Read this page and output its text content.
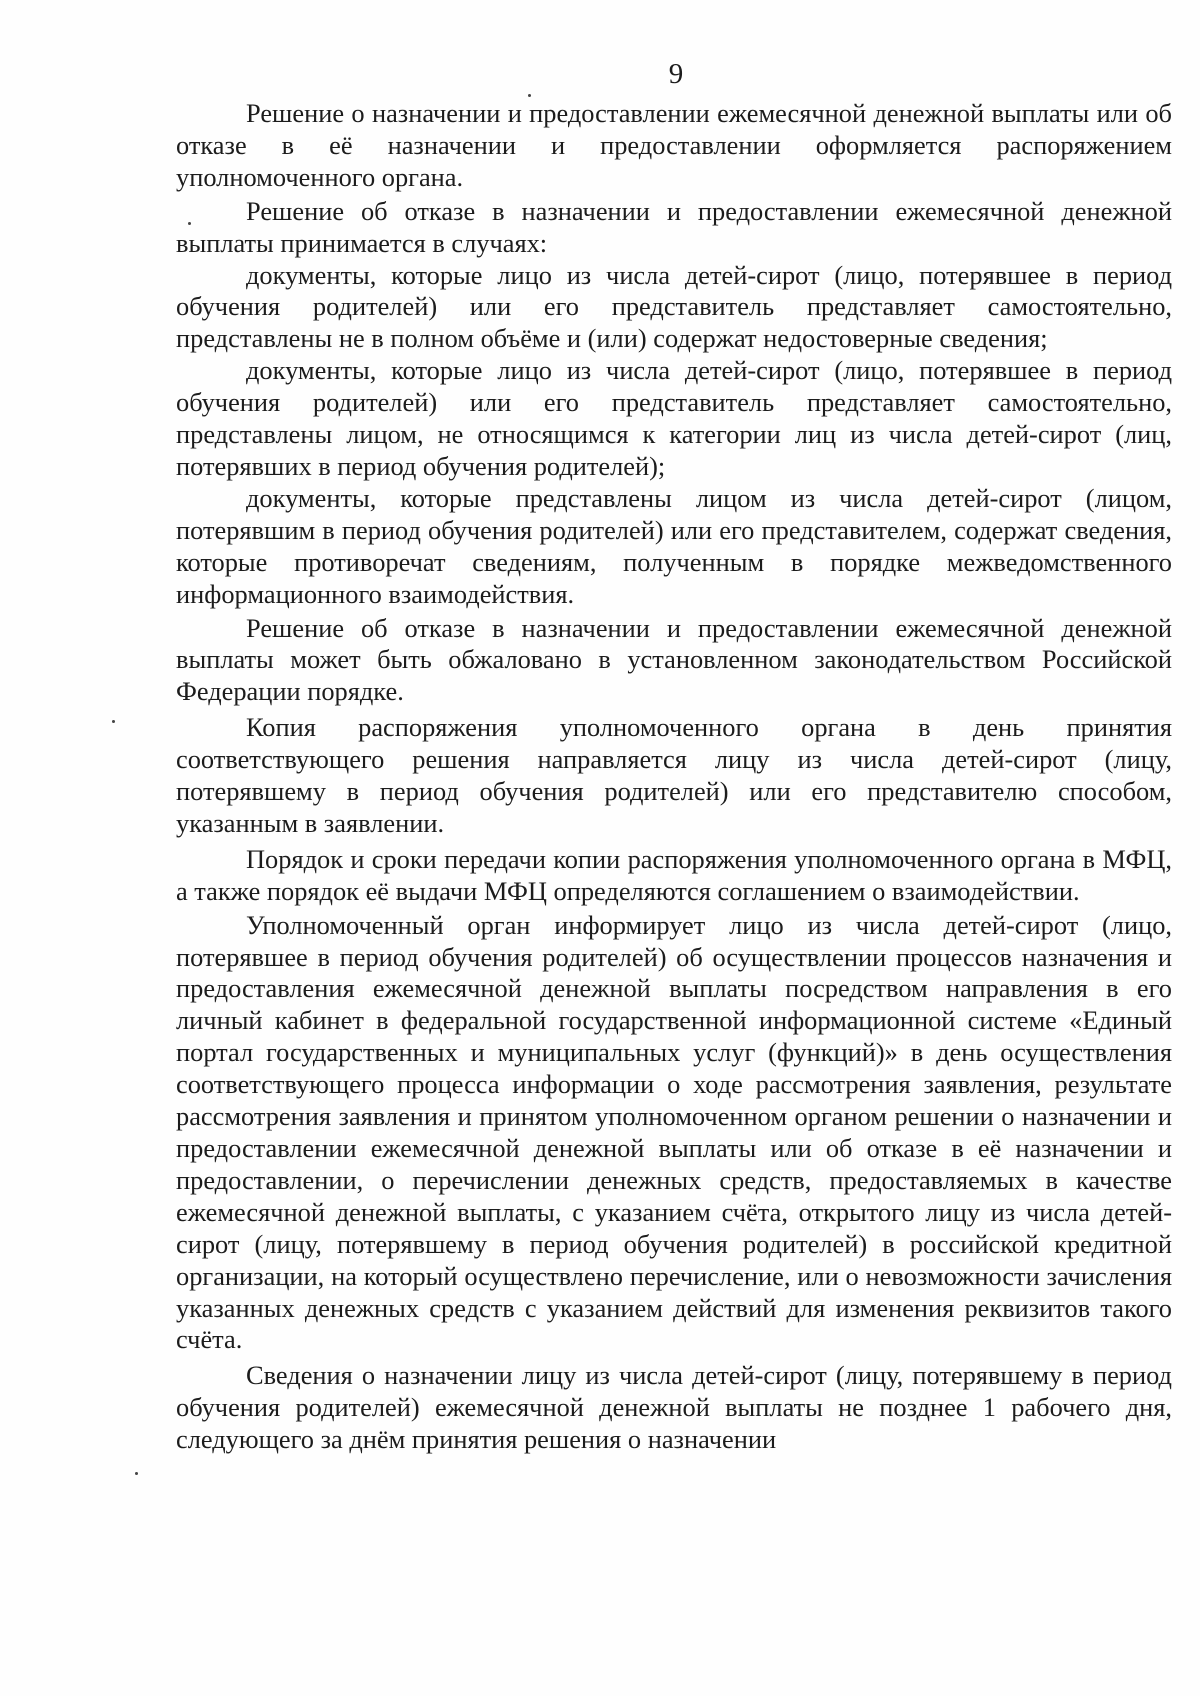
9

Решение о назначении и предоставлении ежемесячной денежной выплаты или об отказе в её назначении и предоставлении оформляется распоряжением уполномоченного органа.

Решение об отказе в назначении и предоставлении ежемесячной денежной выплаты принимается в случаях:

документы, которые лицо из числа детей-сирот (лицо, потерявшее в период обучения родителей) или его представитель представляет самостоятельно, представлены не в полном объёме и (или) содержат недостоверные сведения;

документы, которые лицо из числа детей-сирот (лицо, потерявшее в период обучения родителей) или его представитель представляет самостоятельно, представлены лицом, не относящимся к категории лиц из числа детей-сирот (лиц, потерявших в период обучения родителей);

документы, которые представлены лицом из числа детей-сирот (лицом, потерявшим в период обучения родителей) или его представителем, содержат сведения, которые противоречат сведениям, полученным в порядке межведомственного информационного взаимодействия.

Решение об отказе в назначении и предоставлении ежемесячной денежной выплаты может быть обжаловано в установленном законодательством Российской Федерации порядке.

Копия распоряжения уполномоченного органа в день принятия соответствующего решения направляется лицу из числа детей-сирот (лицу, потерявшему в период обучения родителей) или его представителю способом, указанным в заявлении.

Порядок и сроки передачи копии распоряжения уполномоченного органа в МФЦ, а также порядок её выдачи МФЦ определяются соглашением о взаимодействии.

Уполномоченный орган информирует лицо из числа детей-сирот (лицо, потерявшее в период обучения родителей) об осуществлении процессов назначения и предоставления ежемесячной денежной выплаты посредством направления в его личный кабинет в федеральной государственной информационной системе «Единый портал государственных и муниципальных услуг (функций)» в день осуществления соответствующего процесса информации о ходе рассмотрения заявления, результате рассмотрения заявления и принятом уполномоченном органом решении о назначении и предоставлении ежемесячной денежной выплаты или об отказе в её назначении и предоставлении, о перечислении денежных средств, предоставляемых в качестве ежемесячной денежной выплаты, с указанием счёта, открытого лицу из числа детей-сирот (лицу, потерявшему в период обучения родителей) в российской кредитной организации, на который осуществлено перечисление, или о невозможности зачисления указанных денежных средств с указанием действий для изменения реквизитов такого счёта.

Сведения о назначении лицу из числа детей-сирот (лицу, потерявшему в период обучения родителей) ежемесячной денежной выплаты не позднее 1 рабочего дня, следующего за днём принятия решения о назначении
